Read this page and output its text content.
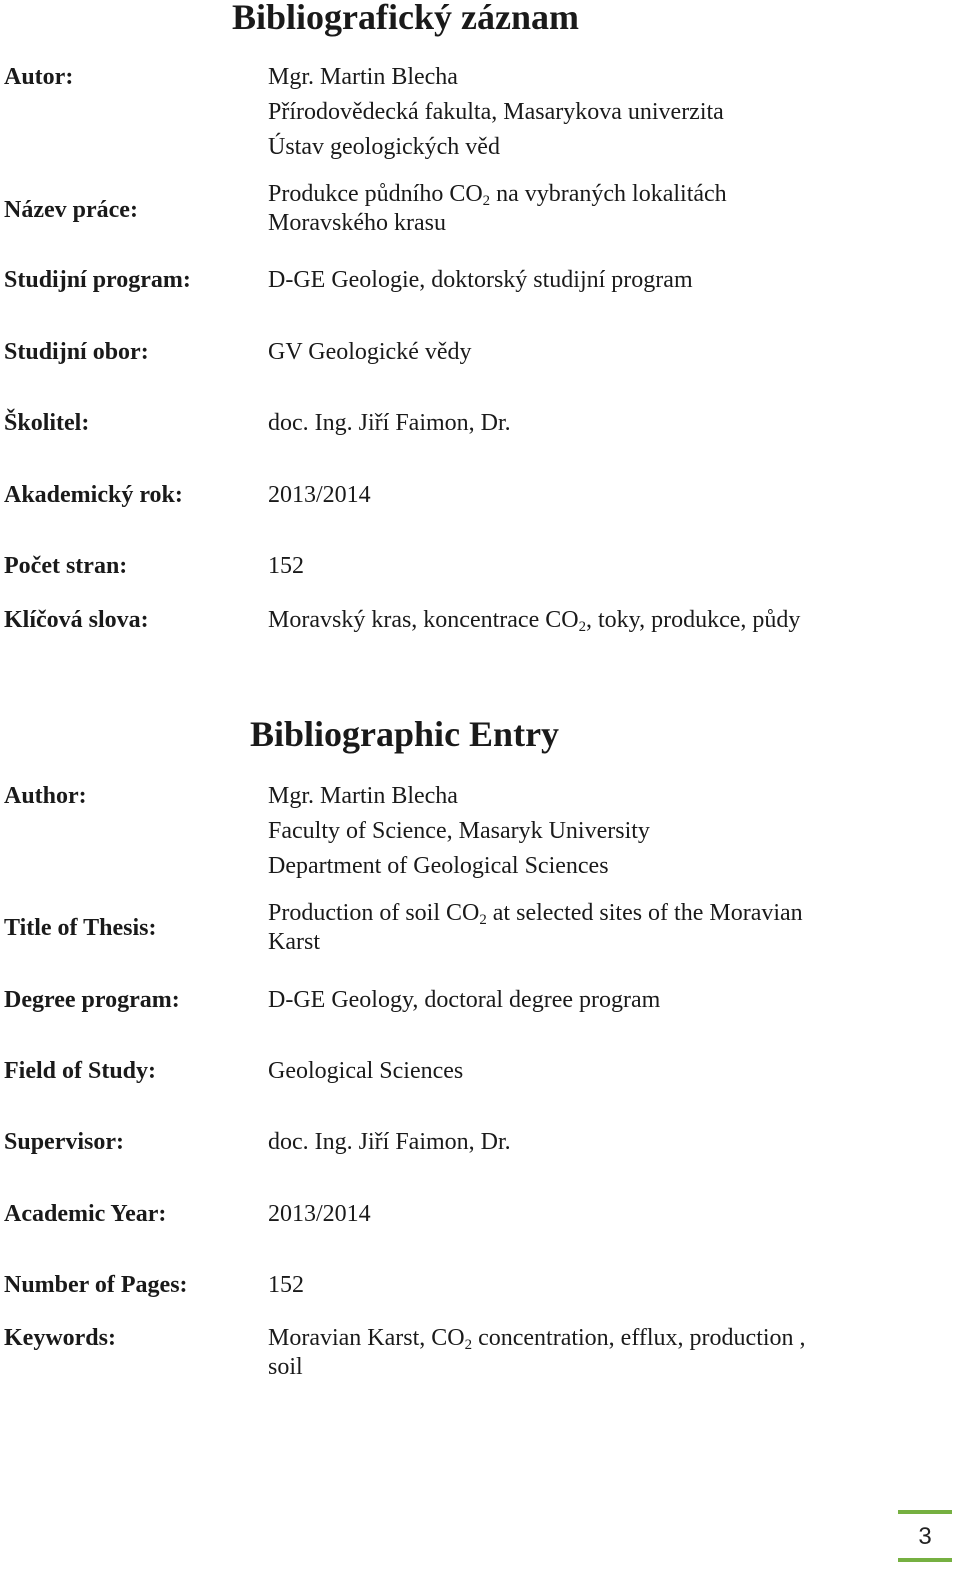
Bibliografický záznam
Autor:	Mgr. Martin Blecha
Přírodovědecká fakulta, Masarykova univerzita
Ústav geologických věd
Název práce:
Produkce půdního $CO_2$ na vybraných lokalitách
Moravského krasu
Studijní program:	D-GE Geologie, doktorský studijní program
Studijní obor:	GV Geologické vědy
Školitel:	doc. Ing. Jiří Faimon, Dr.
Akademický rok:	2013/2014
Počet stran:	152
Klíčová slova:	Moravský kras, koncentrace $CO_2$, toky, produkce, půdy
Bibliographic Entry
Author:	Mgr. Martin Blecha
Faculty of Science, Masaryk University
Department of Geological Sciences
Title of Thesis:
Production of soil $CO_2$ at selected sites of the Moravian
Karst
Degree program:	D-GE Geology, doctoral degree program
Field of Study:	Geological Sciences
Supervisor:	doc. Ing. Jiří Faimon, Dr.
Academic Year:	2013/2014
Number of Pages:	152
Keywords:	Moravian Karst, $CO_2$ concentration, efflux, production ,
soil
3
